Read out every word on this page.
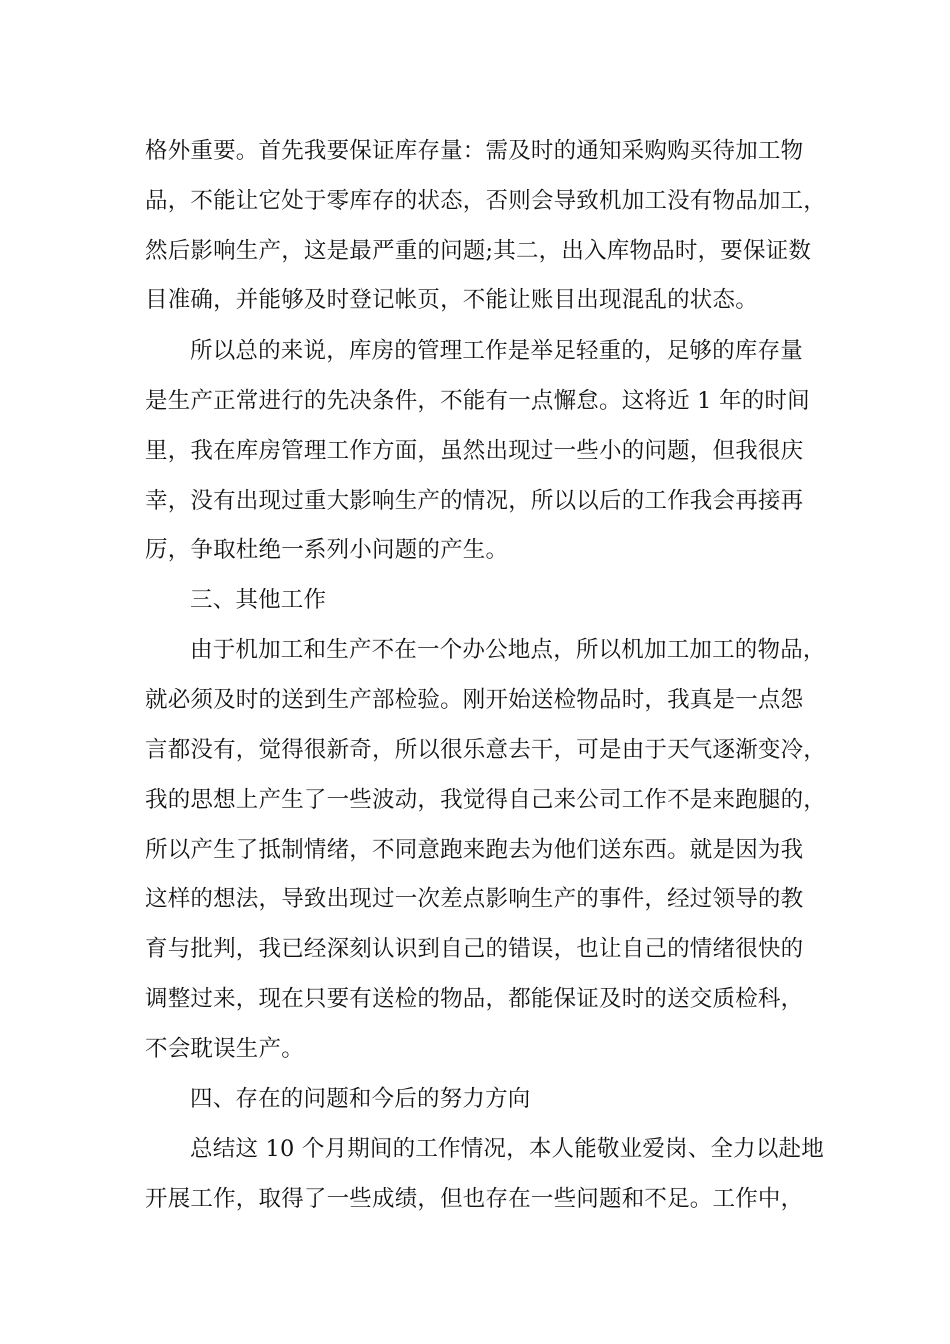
格外重要。首先我要保证库存量：需及时的通知采购购买待加工物
品，不能让它处于零库存的状态，否则会导致机加工没有物品加工，
然后影响生产，这是最严重的问题;其二，出入库物品时，要保证数
目准确，并能够及时登记帐页，不能让账目出现混乱的状态。
所以总的来说，库房的管理工作是举足轻重的，足够的库存量
是生产正常进行的先决条件，不能有一点懈怠。这将近 1 年的时间
里，我在库房管理工作方面，虽然出现过一些小的问题，但我很庆
幸，没有出现过重大影响生产的情况，所以以后的工作我会再接再
厉，争取杜绝一系列小问题的产生。
三、其他工作
由于机加工和生产不在一个办公地点，所以机加工加工的物品，
就必须及时的送到生产部检验。刚开始送检物品时，我真是一点怨
言都没有，觉得很新奇，所以很乐意去干，可是由于天气逐渐变冷，
我的思想上产生了一些波动，我觉得自己来公司工作不是来跑腿的，
所以产生了抵制情绪，不同意跑来跑去为他们送东西。就是因为我
这样的想法，导致出现过一次差点影响生产的事件，经过领导的教
育与批判，我已经深刻认识到自己的错误，也让自己的情绪很快的
调整过来，现在只要有送检的物品，都能保证及时的送交质检科，
不会耽误生产。
四、存在的问题和今后的努力方向
总结这 10 个月期间的工作情况，本人能敬业爱岗、全力以赴地
开展工作，取得了一些成绩，但也存在一些问题和不足。工作中，
